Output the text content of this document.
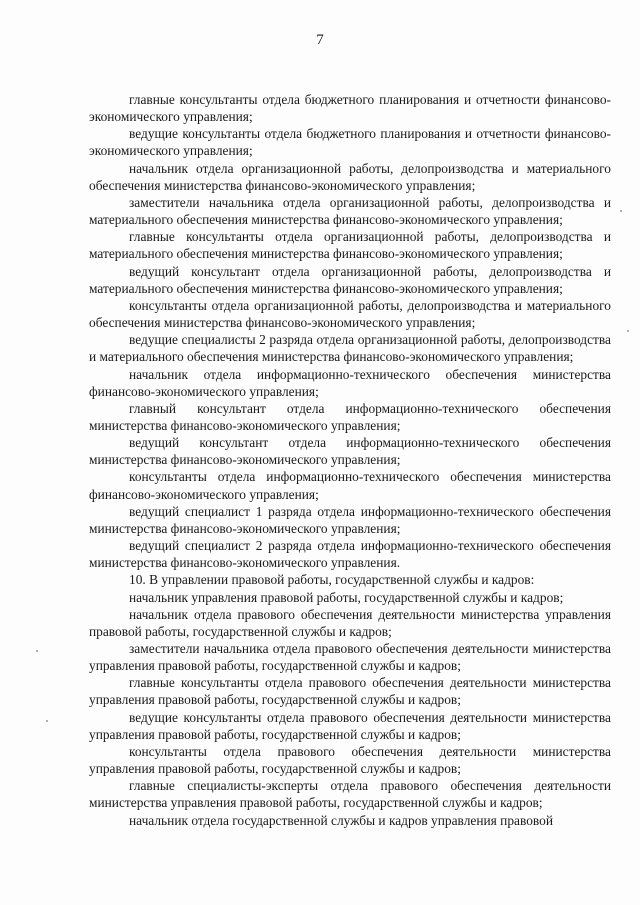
7

главные консультанты отдела бюджетного планирования и отчетности финансово-экономического управления;

ведущие консультанты отдела бюджетного планирования и отчетности финансово-экономического управления;

начальник отдела организационной работы, делопроизводства и материального обеспечения министерства финансово-экономического управления;

заместители начальника отдела организационной работы, делопроизводства и материального обеспечения министерства финансово-экономического управления;

главные консультанты отдела организационной работы, делопроизводства и материального обеспечения министерства финансово-экономического управления;

ведущий консультант отдела организационной работы, делопроизводства и материального обеспечения министерства финансово-экономического управления;

консультанты отдела организационной работы, делопроизводства и материального обеспечения министерства финансово-экономического управления;

ведущие специалисты 2 разряда отдела организационной работы, делопроизводства и материального обеспечения министерства финансово-экономического управления;

начальник отдела информационно-технического обеспечения министерства финансово-экономического управления;

главный консультант отдела информационно-технического обеспечения министерства финансово-экономического управления;

ведущий консультант отдела информационно-технического обеспечения министерства финансово-экономического управления;

консультанты отдела информационно-технического обеспечения министерства финансово-экономического управления;

ведущий специалист 1 разряда отдела информационно-технического обеспечения министерства финансово-экономического управления;

ведущий специалист 2 разряда отдела информационно-технического обеспечения министерства финансово-экономического управления.

10. В управлении правовой работы, государственной службы и кадров:

начальник управления правовой работы, государственной службы и кадров;

начальник отдела правового обеспечения деятельности министерства управления правовой работы, государственной службы и кадров;

заместители начальника отдела правового обеспечения деятельности министерства управления правовой работы, государственной службы и кадров;

главные консультанты отдела правового обеспечения деятельности министерства управления правовой работы, государственной службы и кадров;

ведущие консультанты отдела правового обеспечения деятельности министерства управления правовой работы, государственной службы и кадров;

консультанты отдела правового обеспечения деятельности министерства управления правовой работы, государственной службы и кадров;

главные специалисты-эксперты отдела правового обеспечения деятельности министерства управления правовой работы, государственной службы и кадров;

начальник отдела государственной службы и кадров управления правовой
